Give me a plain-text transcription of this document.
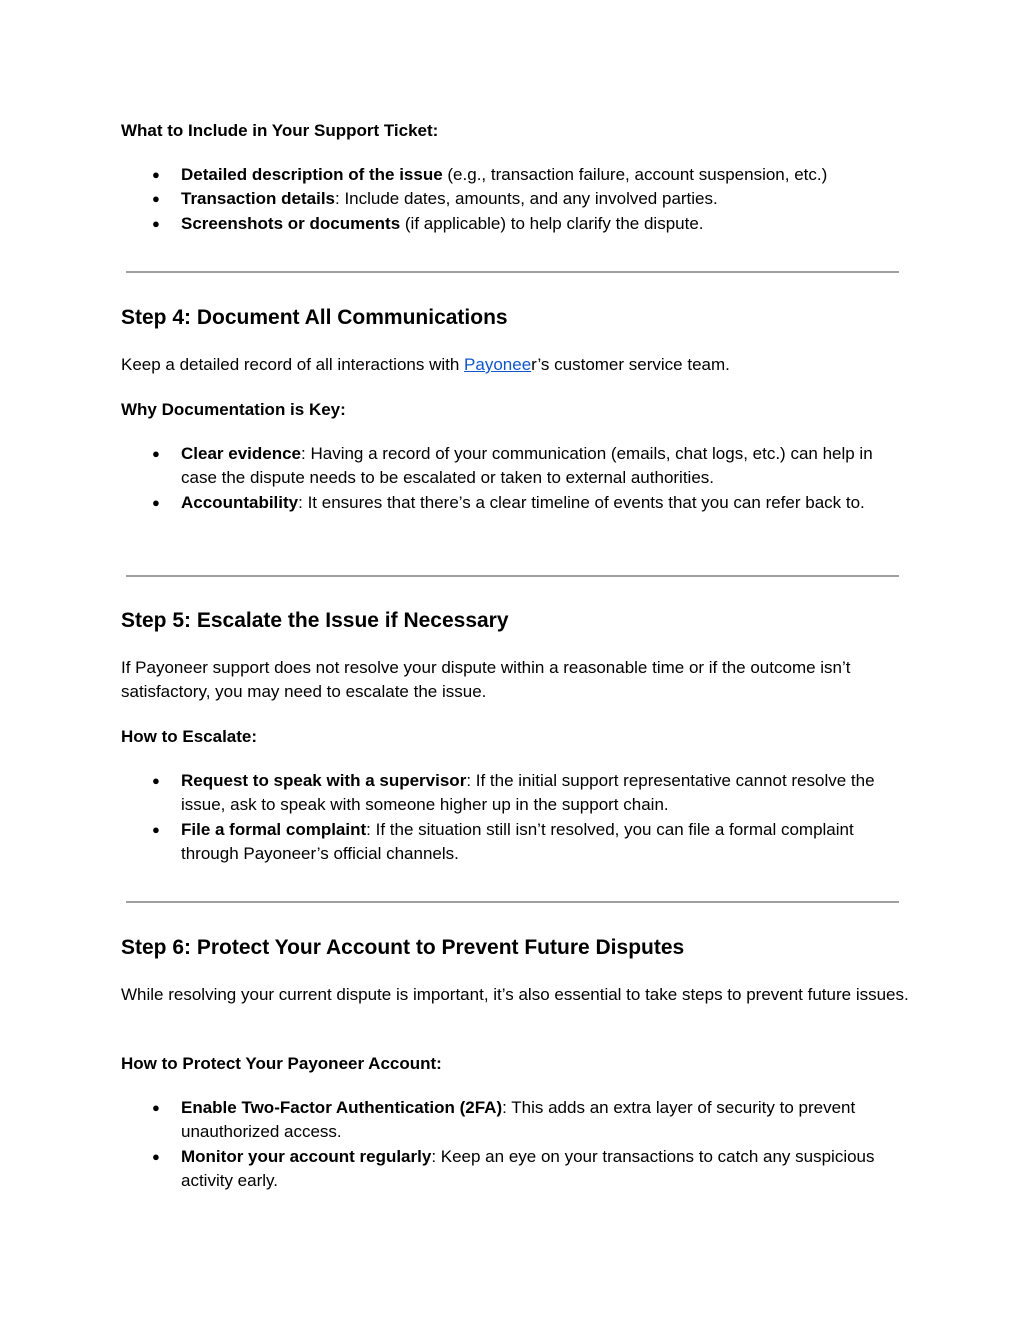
What to Include in Your Support Ticket:

● Detailed description of the issue (e.g., transaction failure, account suspension, etc.)
● Transaction details: Include dates, amounts, and any involved parties.
● Screenshots or documents (if applicable) to help clarify the dispute.
Step 4: Document All Communications

Keep a detailed record of all interactions with Payoneer’s customer service team.

Why Documentation is Key:

● Clear evidence: Having a record of your communication (emails, chat logs, etc.) can help in case the dispute needs to be escalated or taken to external authorities.
● Accountability: It ensures that there’s a clear timeline of events that you can refer back to.
Step 5: Escalate the Issue if Necessary

If Payoneer support does not resolve your dispute within a reasonable time or if the outcome isn’t satisfactory, you may need to escalate the issue.

How to Escalate:

● Request to speak with a supervisor: If the initial support representative cannot resolve the issue, ask to speak with someone higher up in the support chain.
● File a formal complaint: If the situation still isn’t resolved, you can file a formal complaint through Payoneer’s official channels.
Step 6: Protect Your Account to Prevent Future Disputes

While resolving your current dispute is important, it’s also essential to take steps to prevent future issues.

How to Protect Your Payoneer Account:

● Enable Two-Factor Authentication (2FA): This adds an extra layer of security to prevent unauthorized access.
● Monitor your account regularly: Keep an eye on your transactions to catch any suspicious activity early.
